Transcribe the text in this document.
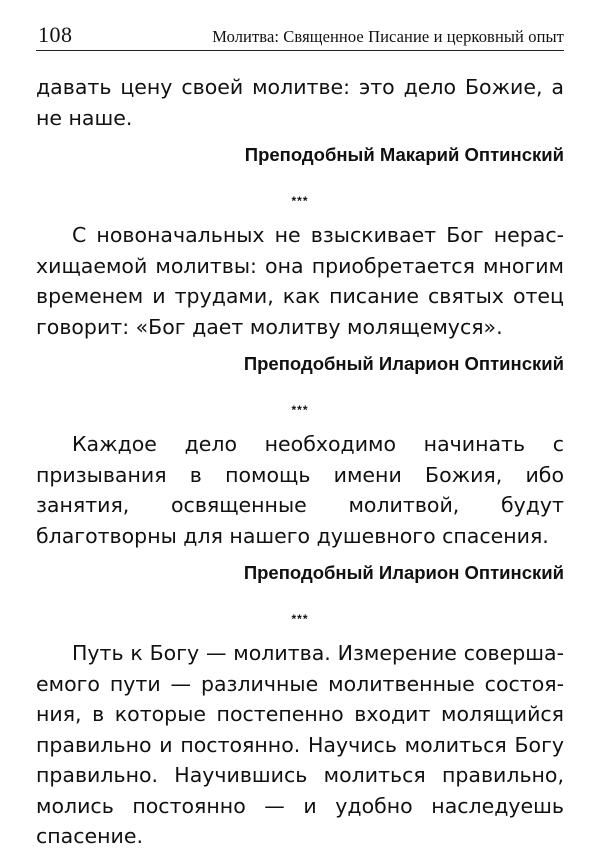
108	Молитва: Священное Писание и церковный опыт

давать цену своей молитве: это дело Божие, а не наше.

Преподобный Макарий Оптинский
***

С новоначальных не взыскивает Бог нерасхищаемой молитвы: она приобретается многим временем и трудами, как писание святых отец говорит: «Бог дает молитву молящемуся».

Преподобный Иларион Оптинский
***

Каждое дело необходимо начинать с призывания в помощь имени Божия, ибо занятия, освященные молитвой, будут благотворны для нашего душевного спасения.

Преподобный Иларион Оптинский
***

Путь к Богу — молитва. Измерение совершаемого пути — различные молитвенные состояния, в которые постепенно входит молящийся правильно и постоянно. Научись молиться Богу правильно. Научившись молиться правильно, молись постоянно — и удобно наследуешь спасение.
